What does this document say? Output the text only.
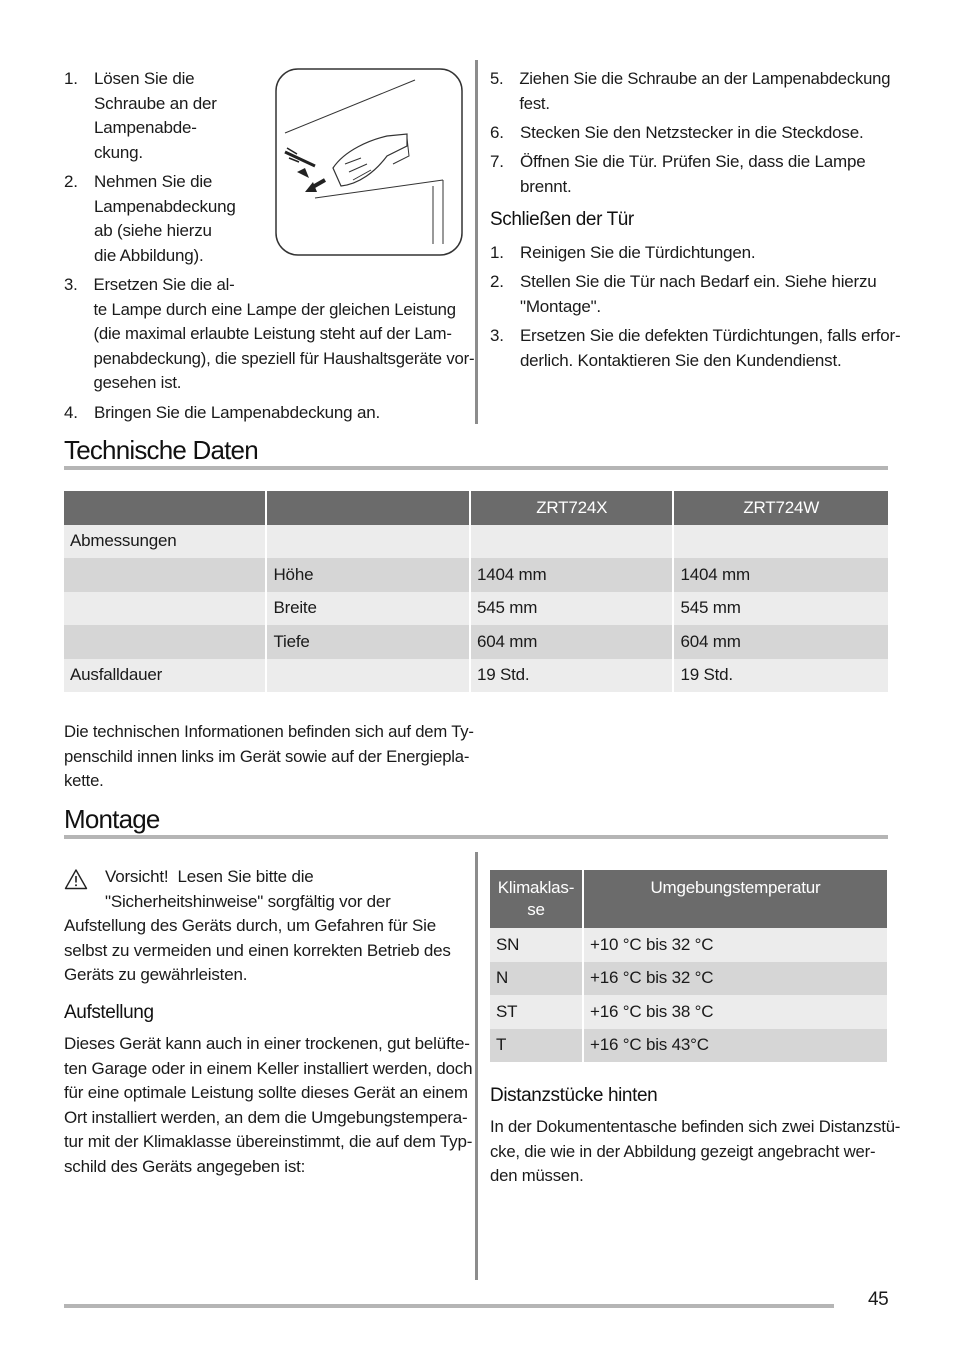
1. Lösen Sie die
Schraube an der
Lampenabde-
ckung.
2. Nehmen Sie die
Lampenabdeckung
ab (siehe hierzu
die Abbildung).
3. Ersetzen Sie die al-
te Lampe durch eine Lampe der gleichen Leistung
(die maximal erlaubte Leistung steht auf der Lam-
penabdeckung), die speziell für Haushaltsgeräte vor-
gesehen ist.
4. Bringen Sie die Lampenabdeckung an.
5. Ziehen Sie die Schraube an der Lampenabdeckung
fest.
6. Stecken Sie den Netzstecker in die Steckdose.
7. Öffnen Sie die Tür. Prüfen Sie, dass die Lampe
brennt.
Schließen der Tür
1. Reinigen Sie die Türdichtungen.
2. Stellen Sie die Tür nach Bedarf ein. Siehe hierzu
"Montage".
3. Ersetzen Sie die defekten Türdichtungen, falls erfor-
derlich. Kontaktieren Sie den Kundendienst.
Technische Daten
		ZRT724X	ZRT724W
Abmessungen			
	Höhe	1404 mm	1404 mm
	Breite	545 mm	545 mm
	Tiefe	604 mm	604 mm
Ausfalldauer		19 Std.	19 Std.
Die technischen Informationen befinden sich auf dem Ty-
penschild innen links im Gerät sowie auf der Energiepla-
kette.
Montage
Vorsicht! Lesen Sie bitte die
"Sicherheitshinweise" sorgfältig vor der
Aufstellung des Geräts durch, um Gefahren für Sie
selbst zu vermeiden und einen korrekten Betrieb des
Geräts zu gewährleisten.
Aufstellung
Dieses Gerät kann auch in einer trockenen, gut belüfte-
ten Garage oder in einem Keller installiert werden, doch
für eine optimale Leistung sollte dieses Gerät an einem
Ort installiert werden, an dem die Umgebungstempera-
tur mit der Klimaklasse übereinstimmt, die auf dem Typ-
schild des Geräts angegeben ist:
Klimaklas-
se	Umgebungstemperatur
SN	+10 °C bis 32 °C
N	+16 °C bis 32 °C
ST	+16 °C bis 38 °C
T	+16 °C bis 43°C
Distanzstücke hinten
In der Dokumententasche befinden sich zwei Distanzstü-
cke, die wie in der Abbildung gezeigt angebracht wer-
den müssen.
45
